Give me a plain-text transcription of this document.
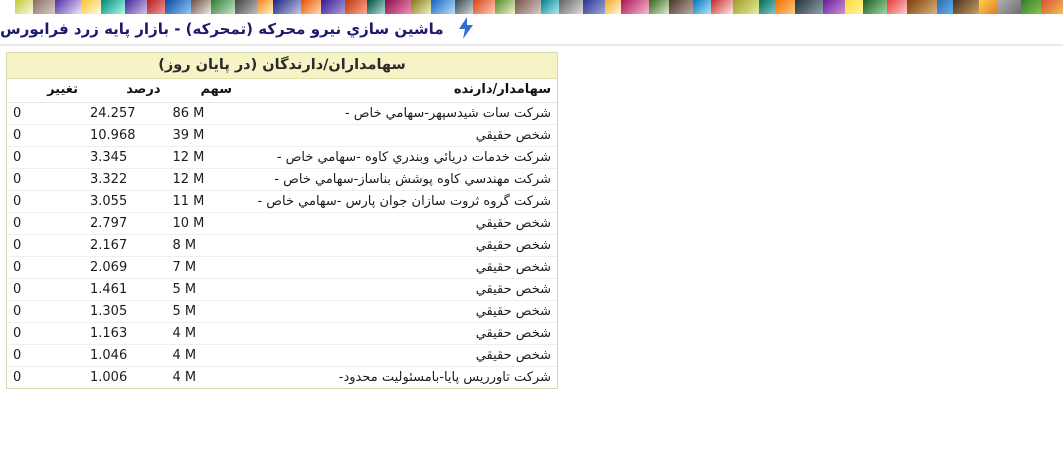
ماشين سازي نيرو محركه (تمحركه) - بازار پايه زرد فرابورس
سهامداران/دارندگان (در پايان روز)
سهامدار/دارنده	سهم	درصد	تغيير
شركت سات شيدسپهر-سهامي خاص -	86 M	24.257	0
شخص حقيقي	39 M	10.968	0
شركت خدمات دريائي وبندري كاوه -سهامي خاص -	12 M	3.345	0
شركت مهندسي كاوه پوشش بناساز-سهامي خاص -	12 M	3.322	0
شركت گروه ثروت سازان جوان پارس -سهامي خاص -	11 M	3.055	0
شخص حقيقي	10 M	2.797	0
شخص حقيقي	8 M	2.167	0
شخص حقيقي	7 M	2.069	0
شخص حقيقي	5 M	1.461	0
شخص حقيقي	5 M	1.305	0
شخص حقيقي	4 M	1.163	0
شخص حقيقي	4 M	1.046	0
شركت تاورريس پايا-بامسئوليت محدود-	4 M	1.006	0
